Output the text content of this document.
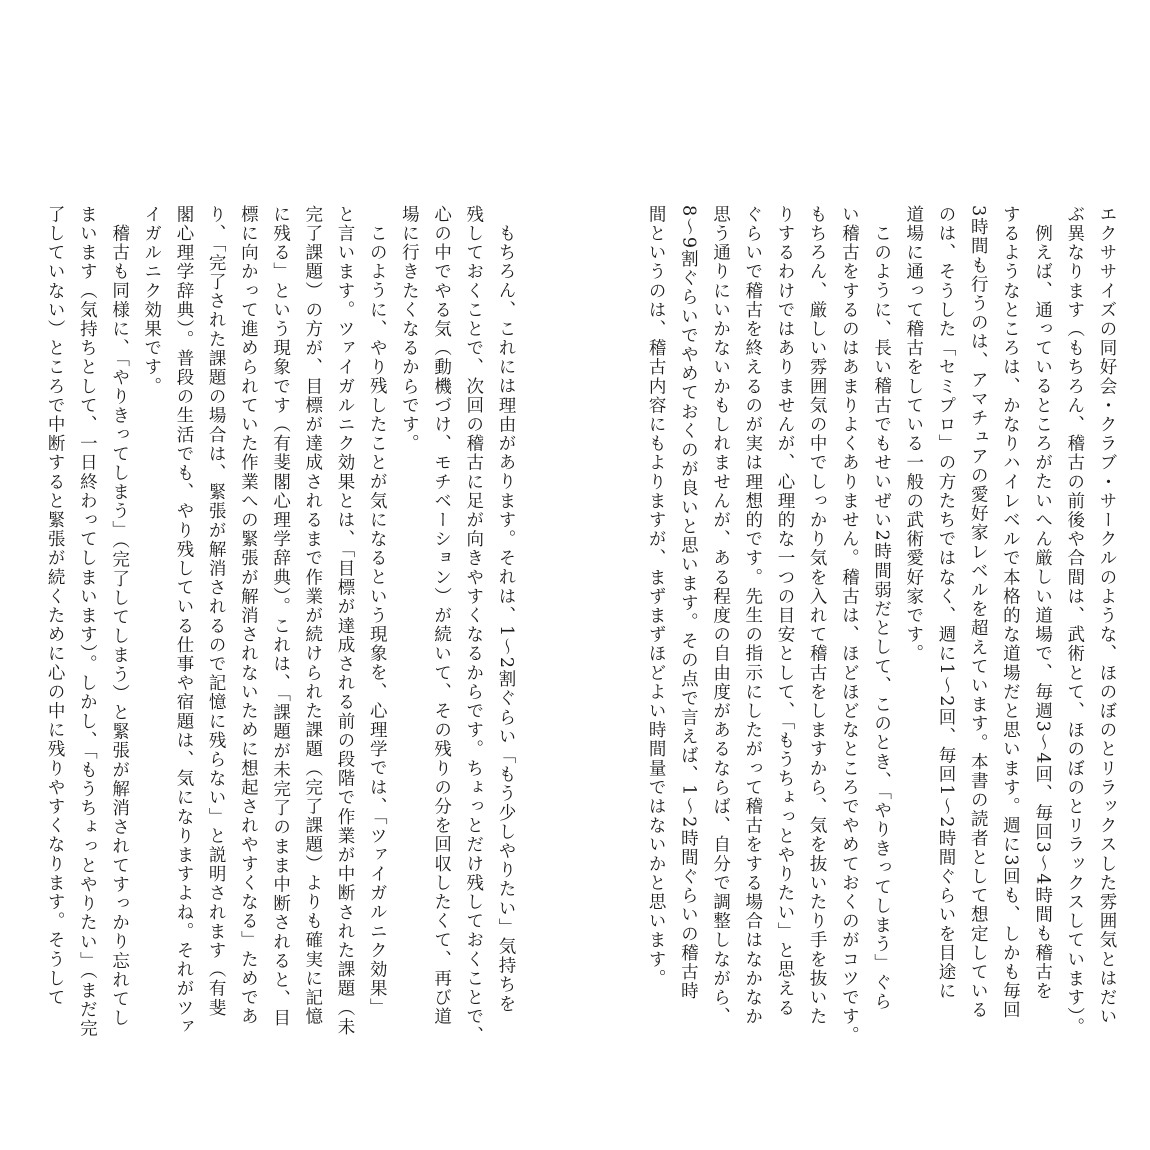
エクササイズの同好会・クラブ・サークルのような、ほのぼのとリラックスした雰囲気とはだい

ぶ異なります（もちろん、稽古の前後や合間は、武術とて、ほのぼのとリラックスしています）。

例えば、通っているところがたいへん厳しい道場で、毎週3～4回、毎回3～4時間も稽古を

するようなところは、かなりハイレベルで本格的な道場だと思います。週に3回も、しかも毎回

3時間も行うのは、アマチュアの愛好家レベルを超えています。本書の読者として想定している

のは、そうした「セミプロ」の方たちではなく、週に1～2回、毎回1～2時間ぐらいを目途に

道場に通って稽古をしている一般の武術愛好家です。

このように、長い稽古でもせいぜい2時間弱だとして、このとき、「やりきってしまう」ぐら

い稽古をするのはあまりよくありません。稽古は、ほどほどなところでやめておくのがコツです。

もちろん、厳しい雰囲気の中でしっかり気を入れて稽古をしますから、気を抜いたり手を抜いた

りするわけではありませんが、心理的な一つの目安として、「もうちょっとやりたい」と思える

ぐらいで稽古を終えるのが実は理想的です。先生の指示にしたがって稽古をする場合はなかなか

思う通りにいかないかもしれませんが、ある程度の自由度があるならば、自分で調整しながら、

8～9割ぐらいでやめておくのが良いと思います。その点で言えば、1～2時間ぐらいの稽古時

間というのは、稽古内容にもよりますが、まずまずほどよい時間量ではないかと思います。

もちろん、これには理由があります。それは、1～2割ぐらい「もう少しやりたい」気持ちを

残しておくことで、次回の稽古に足が向きやすくなるからです。ちょっとだけ残しておくことで、

心の中でやる気（動機づけ、モチベーション）が続いて、その残りの分を回収したくて、再び道

場に行きたくなるからです。

このように、やり残したことが気になるという現象を、心理学では、「ツァイガルニク効果」

と言います。ツァイガルニク効果とは、「目標が達成される前の段階で作業が中断された課題（未

完了課題）の方が、目標が達成されるまで作業が続けられた課題（完了課題）よりも確実に記憶

に残る」という現象です（有斐閣心理学辞典）。これは、「課題が未完了のまま中断されると、目

標に向かって進められていた作業への緊張が解消されないために想起されやすくなる」ためであ

り、「完了された課題の場合は、緊張が解消されるので記憶に残らない」と説明されます（有斐

閣心理学辞典）。普段の生活でも、やり残している仕事や宿題は、気になりますよね。それがツァ

イガルニク効果です。

稽古も同様に、「やりきってしまう」（完了してしまう）と緊張が解消されてすっかり忘れてし

まいます（気持ちとして、一日終わってしまいます）。しかし、「もうちょっとやりたい」（まだ完

了していない）ところで中断すると緊張が続くために心の中に残りやすくなります。そうして
